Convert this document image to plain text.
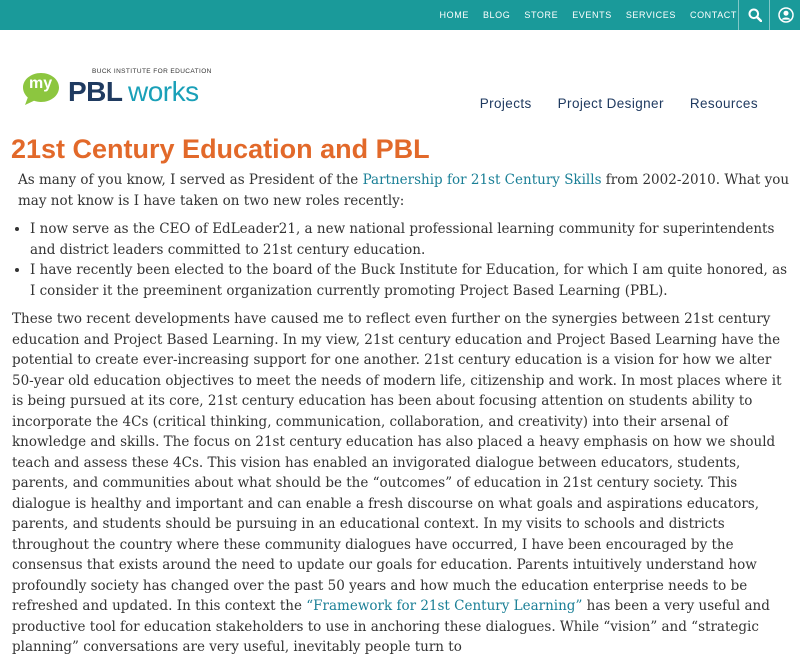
HOME BLOG STORE EVENTS SERVICES CONTACT
BUCK INSTITUTE FOR EDUCATION
my PBL works	Projects Project Designer Resources
21st Century Education and PBL

As many of you know, I served as President of the Partnership for 21st Century Skills from 2002-2010. What you may not know is I have taken on two new roles recently:

• I now serve as the CEO of EdLeader21, a new national professional learning community for superintendents and district leaders committed to 21st century education.
• I have recently been elected to the board of the Buck Institute for Education, for which I am quite honored, as I consider it the preeminent organization currently promoting Project Based Learning (PBL).

These two recent developments have caused me to reflect even further on the synergies between 21st century education and Project Based Learning. In my view, 21st century education and Project Based Learning have the potential to create ever-increasing support for one another. 21st century education is a vision for how we alter 50-year old education objectives to meet the needs of modern life, citizenship and work. In most places where it is being pursued at its core, 21st century education has been about focusing attention on students ability to incorporate the 4Cs (critical thinking, communication, collaboration, and creativity) into their arsenal of knowledge and skills. The focus on 21st century education has also placed a heavy emphasis on how we should teach and assess these 4Cs. This vision has enabled an invigorated dialogue between educators, students, parents, and communities about what should be the “outcomes” of education in 21st century society. This dialogue is healthy and important and can enable a fresh discourse on what goals and aspirations educators, parents, and students should be pursuing in an educational context. In my visits to schools and districts throughout the country where these community dialogues have occurred, I have been encouraged by the consensus that exists around the need to update our goals for education. Parents intuitively understand how profoundly society has changed over the past 50 years and how much the education enterprise needs to be refreshed and updated. In this context the “Framework for 21st Century Learning” has been a very useful and productive tool for education stakeholders to use in anchoring these dialogues. While “vision” and “strategic planning” conversations are very useful, inevitably people turn to
